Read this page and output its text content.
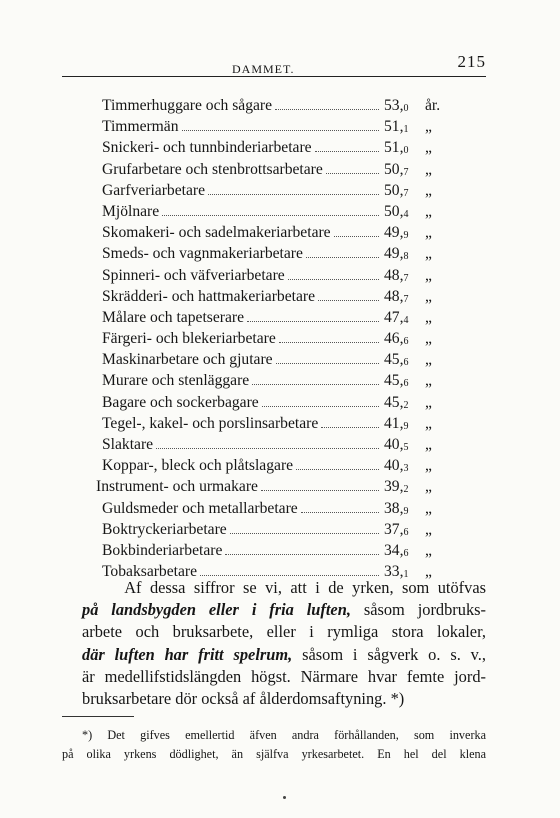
DAMMET.	215
Timmerhuggare och sågare	$53,_0$ år.
Timmermän	$51,_1$ „
Snickeri- och tunnbinderiarbetare	$51,_0$ „
Grufarbetare och stenbrottsarbetare	$50,_7$ „
Garfveriarbetare	$50,_7$ „
Mjölnare	$50,_4$ „
Skomakeri- och sadelmakeriarbetare	$49,_9$ „
Smeds- och vagnmakeriarbetare	$49,_8$ „
Spinneri- och väfveriarbetare	$48,_7$ „
Skrädderi- och hattmakeriarbetare	$48,_7$ „
Målare och tapetserare	$47,_4$ „
Färgeri- och blekeriarbetare	$46,_6$ „
Maskinarbetare och gjutare	$45,_6$ „
Murare och stenläggare	$45,_6$ „
Bagare och sockerbagare	$45,_2$ „
Tegel-, kakel- och porslinsarbetare	$41,_9$ „
Slaktare	$40,_5$ „
Koppar-, bleck och plåtslagare	$40,_3$ „
Instrument- och urmakare	$39,_2$ „
Guldsmeder och metallarbetare	$38,_9$ „
Boktryckeriarbetare	$37,_6$ „
Bokbinderiarbetare	$34,_6$ „
Tobaksarbetare	$33,_1$ „
Af dessa siffror se vi, att i de yrken, som utöfvas
på landsbygden eller i fria luften, såsom jordbruks-
arbete och bruksarbete, eller i rymliga stora lokaler,
där luften har fritt spelrum, såsom i sågverk o. s. v.,
är medellifstidslängden högst. Närmare hvar femte jord-
bruksarbetare dör också af ålderdomsaftyning. *)
*) Det gifves emellertid äfven andra förhållanden, som inverka
på olika yrkens dödlighet, än själfva yrkesarbetet. En hel del klena
